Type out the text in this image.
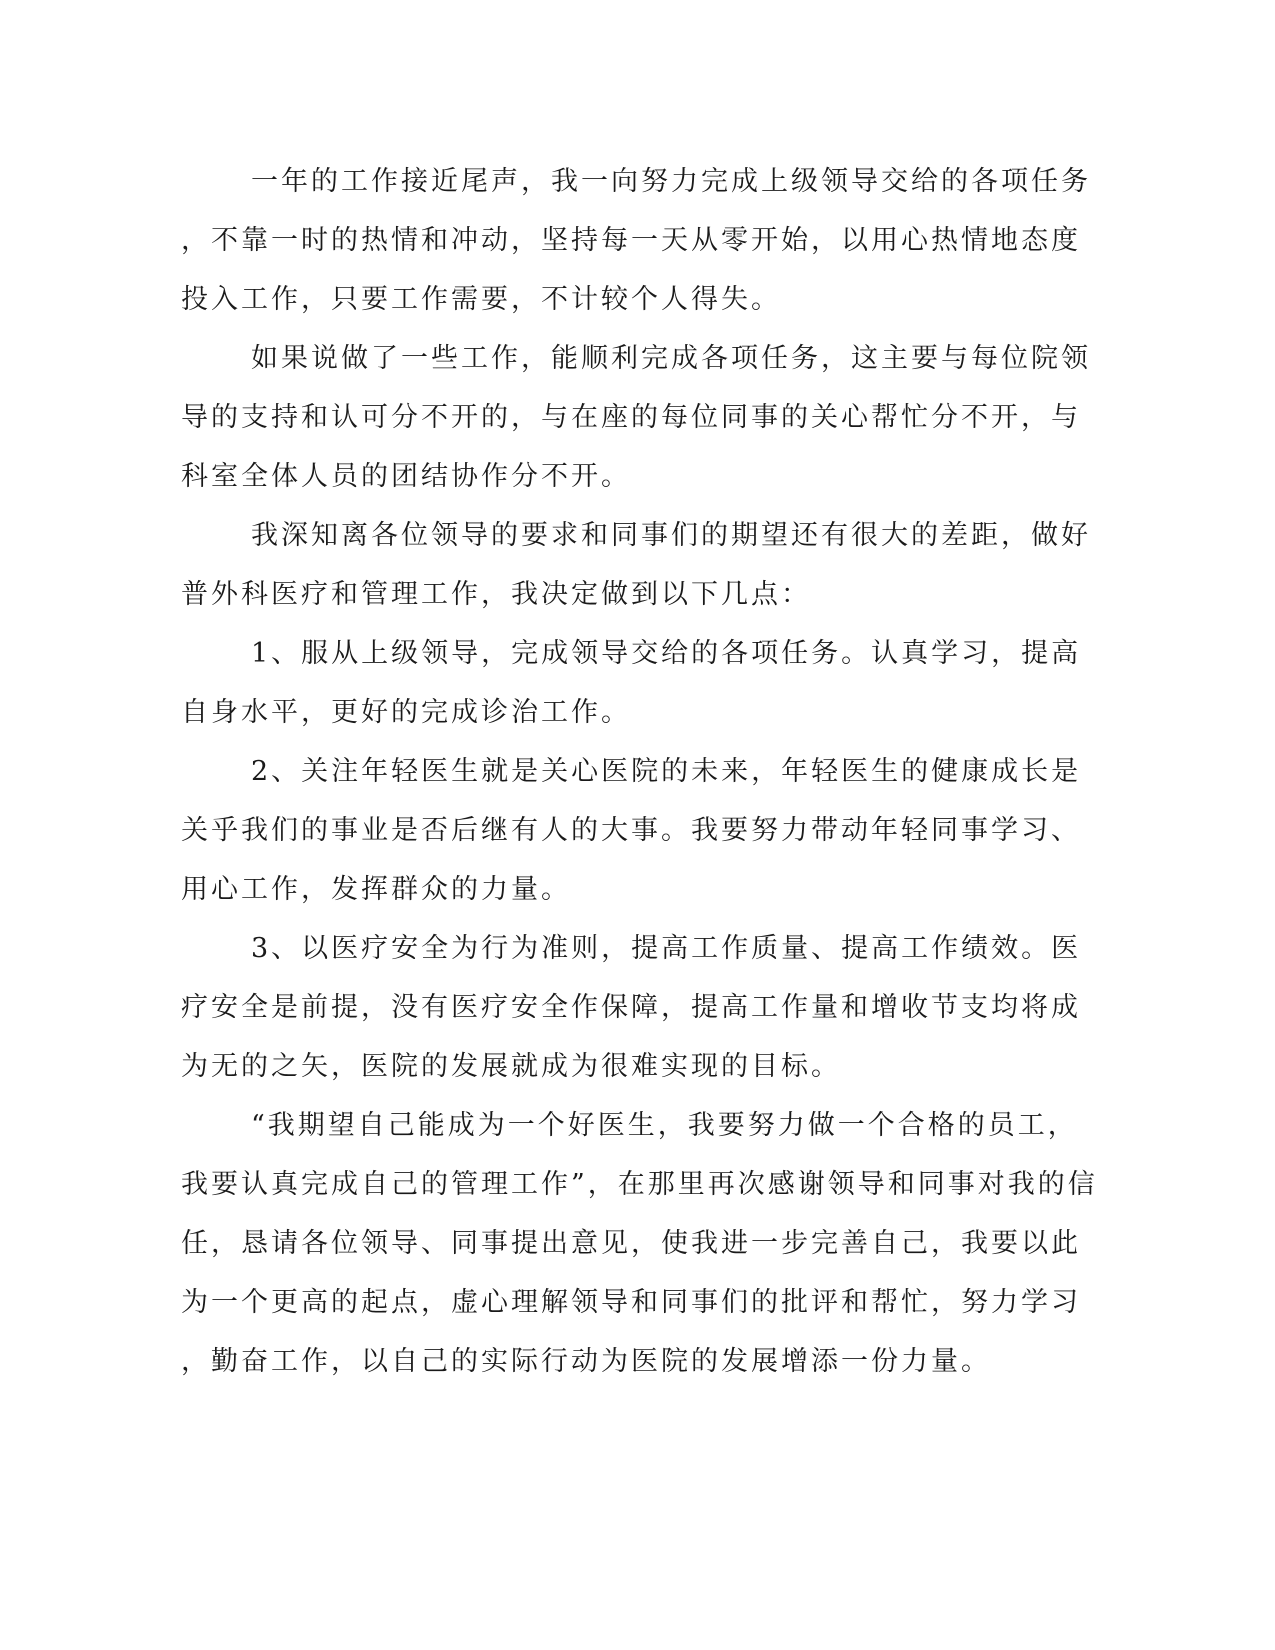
一年的工作接近尾声，我一向努力完成上级领导交给的各项任务
，不靠一时的热情和冲动，坚持每一天从零开始，以用心热情地态度
投入工作，只要工作需要，不计较个人得失。
如果说做了一些工作，能顺利完成各项任务，这主要与每位院领
导的支持和认可分不开的，与在座的每位同事的关心帮忙分不开，与
科室全体人员的团结协作分不开。
我深知离各位领导的要求和同事们的期望还有很大的差距，做好
普外科医疗和管理工作，我决定做到以下几点：
1、服从上级领导，完成领导交给的各项任务。认真学习，提高
自身水平，更好的完成诊治工作。
2、关注年轻医生就是关心医院的未来，年轻医生的健康成长是
关乎我们的事业是否后继有人的大事。我要努力带动年轻同事学习、
用心工作，发挥群众的力量。
3、以医疗安全为行为准则，提高工作质量、提高工作绩效。医
疗安全是前提，没有医疗安全作保障，提高工作量和增收节支均将成
为无的之矢，医院的发展就成为很难实现的目标。
“我期望自己能成为一个好医生，我要努力做一个合格的员工，
我要认真完成自己的管理工作”，在那里再次感谢领导和同事对我的信
任，恳请各位领导、同事提出意见，使我进一步完善自己，我要以此
为一个更高的起点，虚心理解领导和同事们的批评和帮忙，努力学习
，勤奋工作，以自己的实际行动为医院的发展增添一份力量。
